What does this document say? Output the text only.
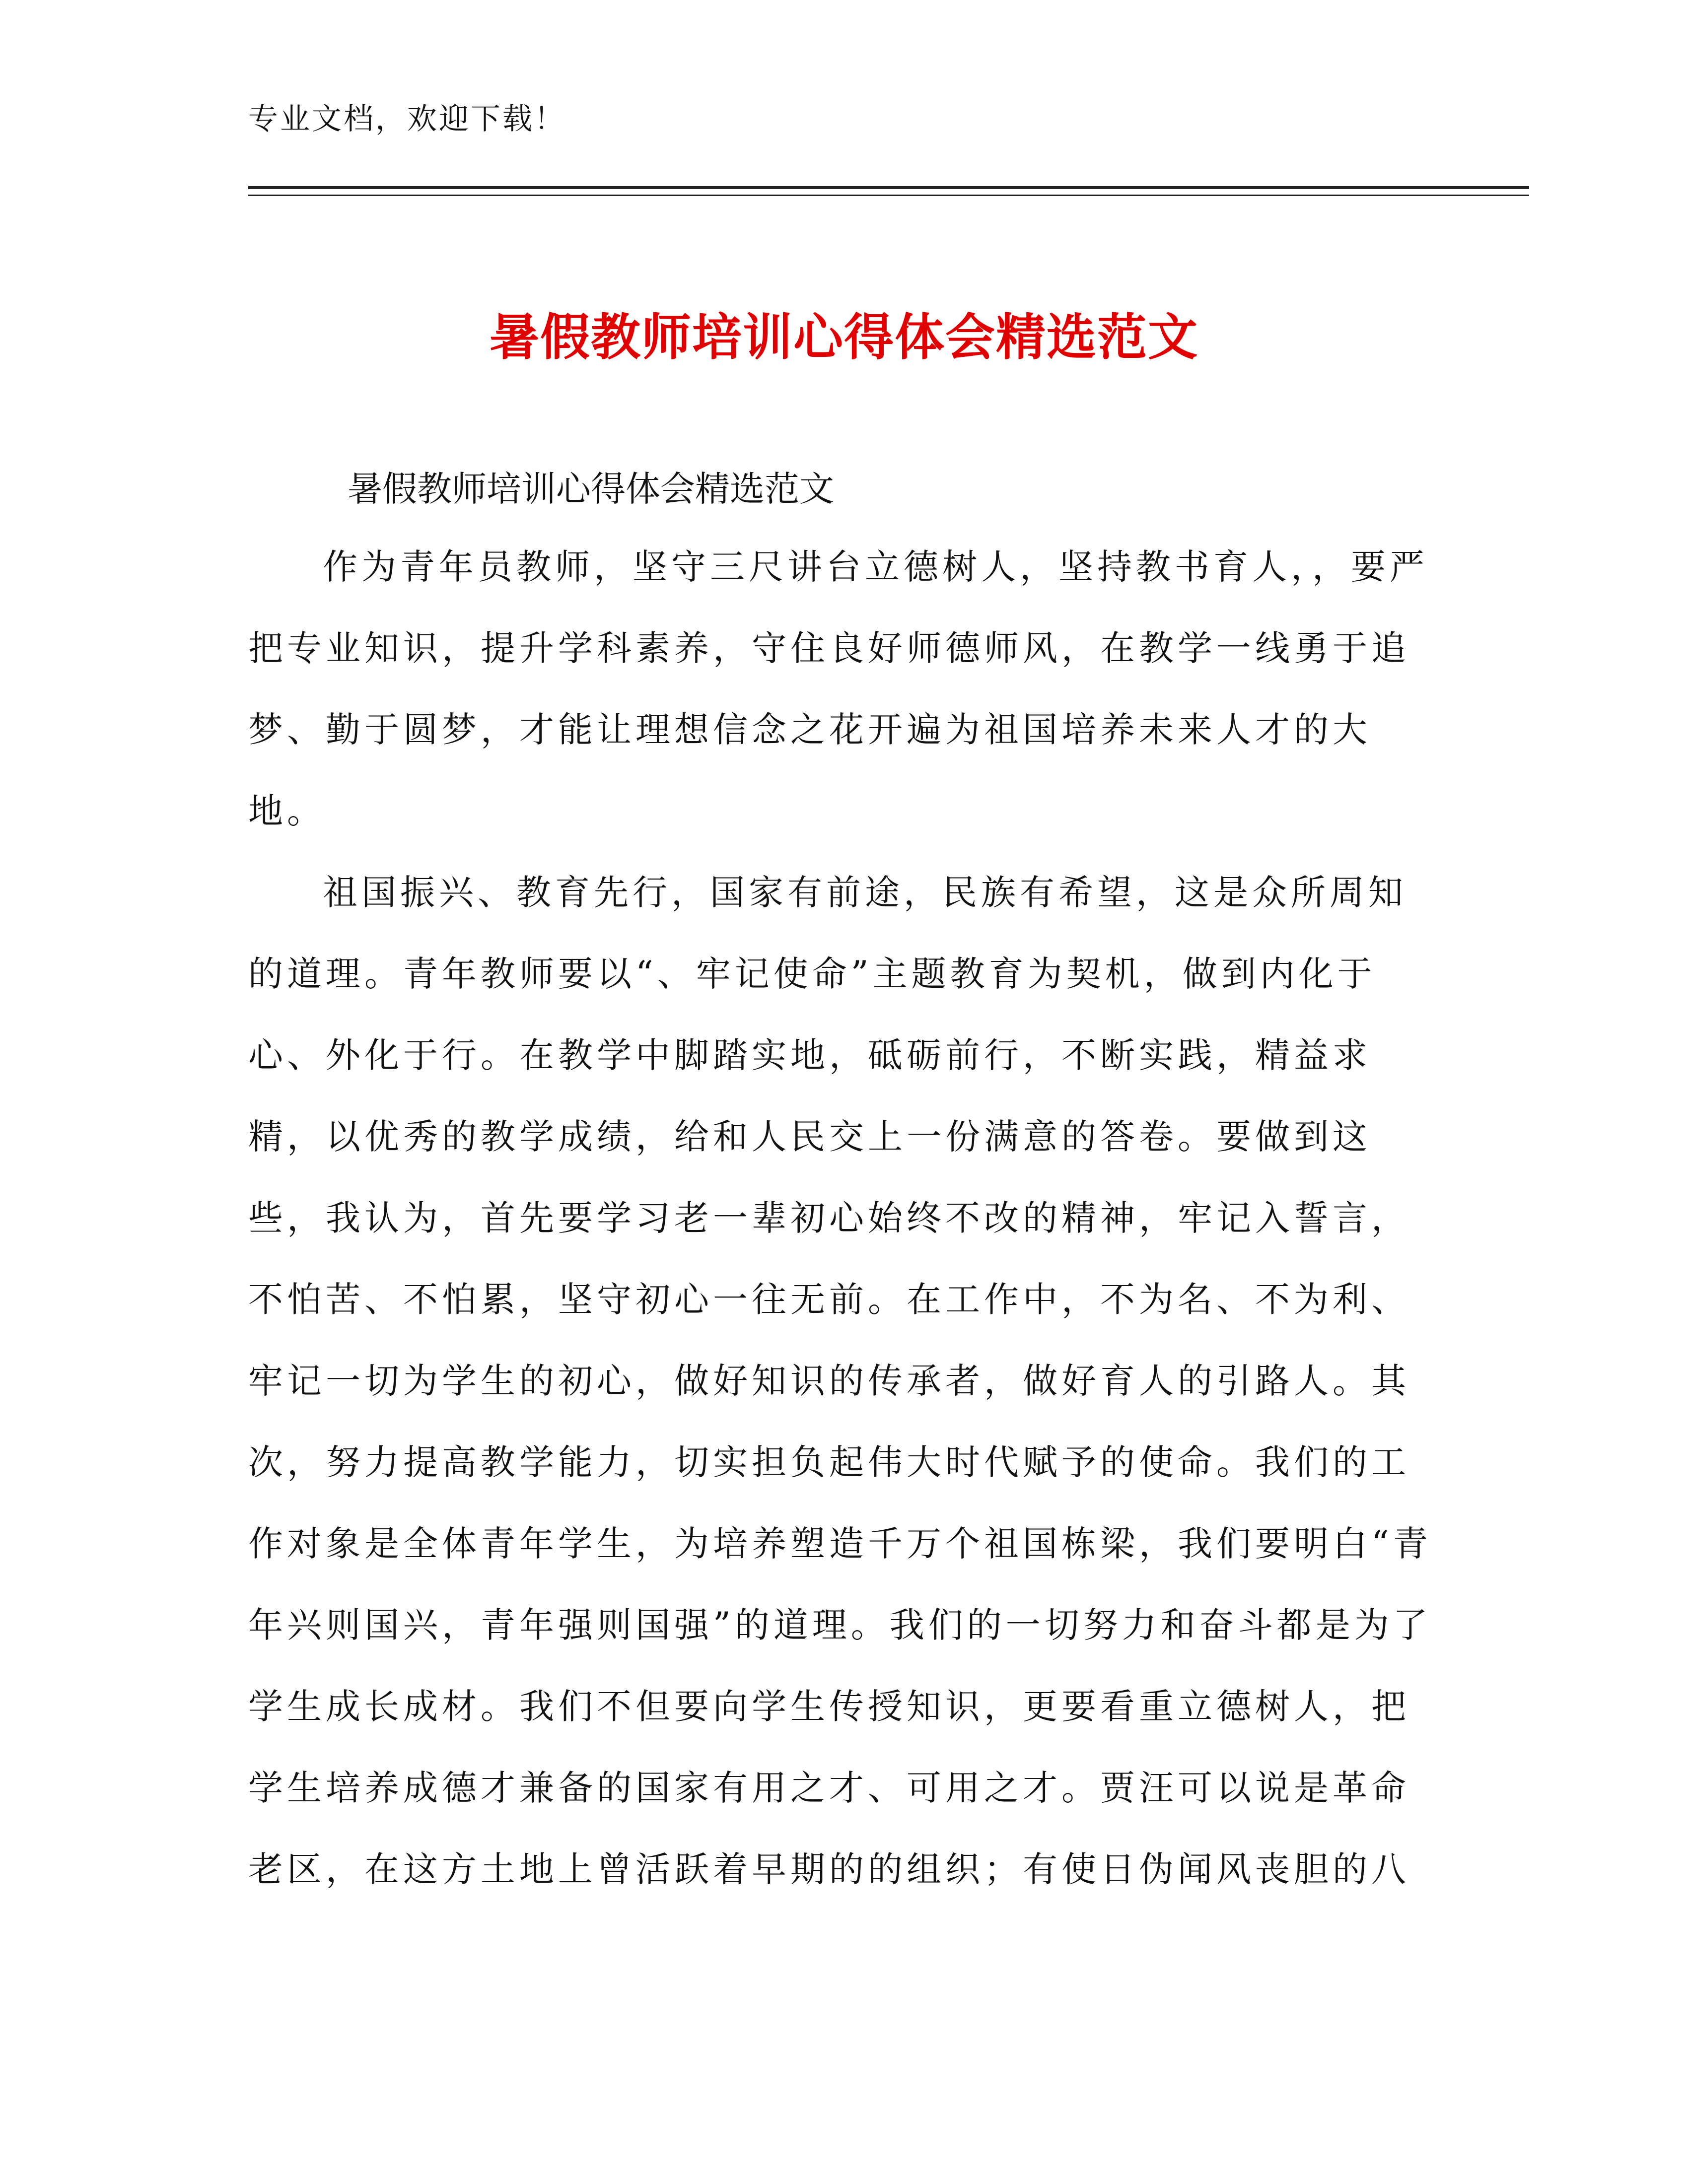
专业文档，欢迎下载！
暑假教师培训心得体会精选范文
暑假教师培训心得体会精选范文

作为青年员教师，坚守三尺讲台立德树人，坚持教书育人，，要严把专业知识，提升学科素养，守住良好师德师风，在教学一线勇于追梦、勤于圆梦，才能让理想信念之花开遍为祖国培养未来人才的大地。

祖国振兴、教育先行，国家有前途，民族有希望，这是众所周知的道理。青年教师要以“、牢记使命”主题教育为契机，做到内化于心、外化于行。在教学中脚踏实地，砥砺前行，不断实践，精益求精，以优秀的教学成绩，给和人民交上一份满意的答卷。要做到这些，我认为，首先要学习老一辈初心始终不改的精神，牢记入誓言，不怕苦、不怕累，坚守初心一往无前。在工作中，不为名、不为利、牢记一切为学生的初心，做好知识的传承者，做好育人的引路人。其次，努力提高教学能力，切实担负起伟大时代赋予的使命。我们的工作对象是全体青年学生，为培养塑造千万个祖国栋梁，我们要明白“青年兴则国兴，青年强则国强”的道理。我们的一切努力和奋斗都是为了学生成长成材。我们不但要向学生传授知识，更要看重立德树人，把学生培养成德才兼备的国家有用之才、可用之才。贾汪可以说是革命老区，在这方土地上曾活跃着早期的的组织；有使日伪闻风丧胆的八
